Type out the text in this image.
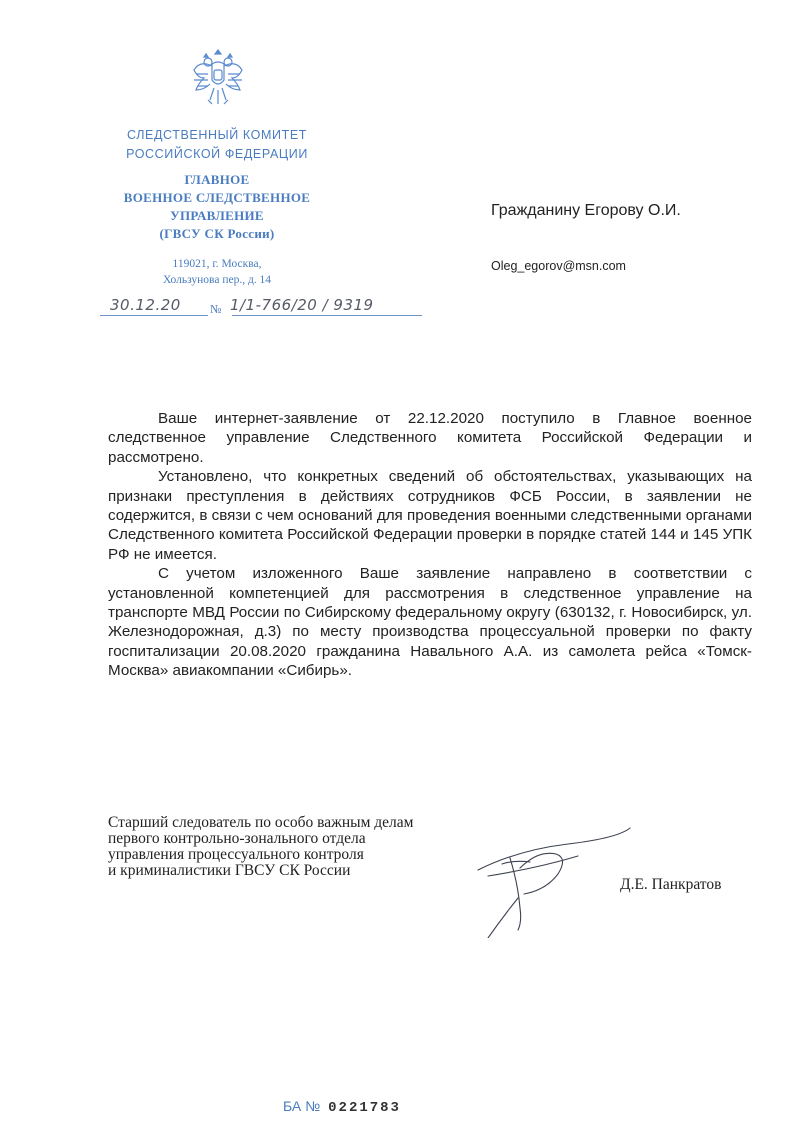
СЛЕДСТВЕННЫЙ КОМИТЕТ
РОССИЙСКОЙ ФЕДЕРАЦИИ
ГЛАВНОЕ
ВОЕННОЕ СЛЕДСТВЕННОЕ
УПРАВЛЕНИЕ
(ГВСУ СК России)
119021, г. Москва,
Хользунова пер., д. 14
30.12.20 № 1/1-766/20 / 9319
Гражданину Егорову О.И.
Oleg_egorov@msn.com

Ваше интернет-заявление от 22.12.2020 поступило в Главное военное следственное управление Следственного комитета Российской Федерации и рассмотрено.

Установлено, что конкретных сведений об обстоятельствах, указывающих на признаки преступления в действиях сотрудников ФСБ России, в заявлении не содержится, в связи с чем оснований для проведения военными следственными органами Следственного комитета Российской Федерации проверки в порядке статей 144 и 145 УПК РФ не имеется.

С учетом изложенного Ваше заявление направлено в соответствии с установленной компетенцией для рассмотрения в следственное управление на транспорте МВД России по Сибирскому федеральному округу (630132, г. Новосибирск, ул. Железнодорожная, д.3) по месту производства процессуальной проверки по факту госпитализации 20.08.2020 гражданина Навального А.А. из самолета рейса «Томск-Москва» авиакомпании «Сибирь».

Старший следователь по особо важным делам
первого контрольно-зонального отдела
управления процессуального контроля
и криминалистики ГВСУ СК России
Д.Е. Панкратов
БА № 0221783
